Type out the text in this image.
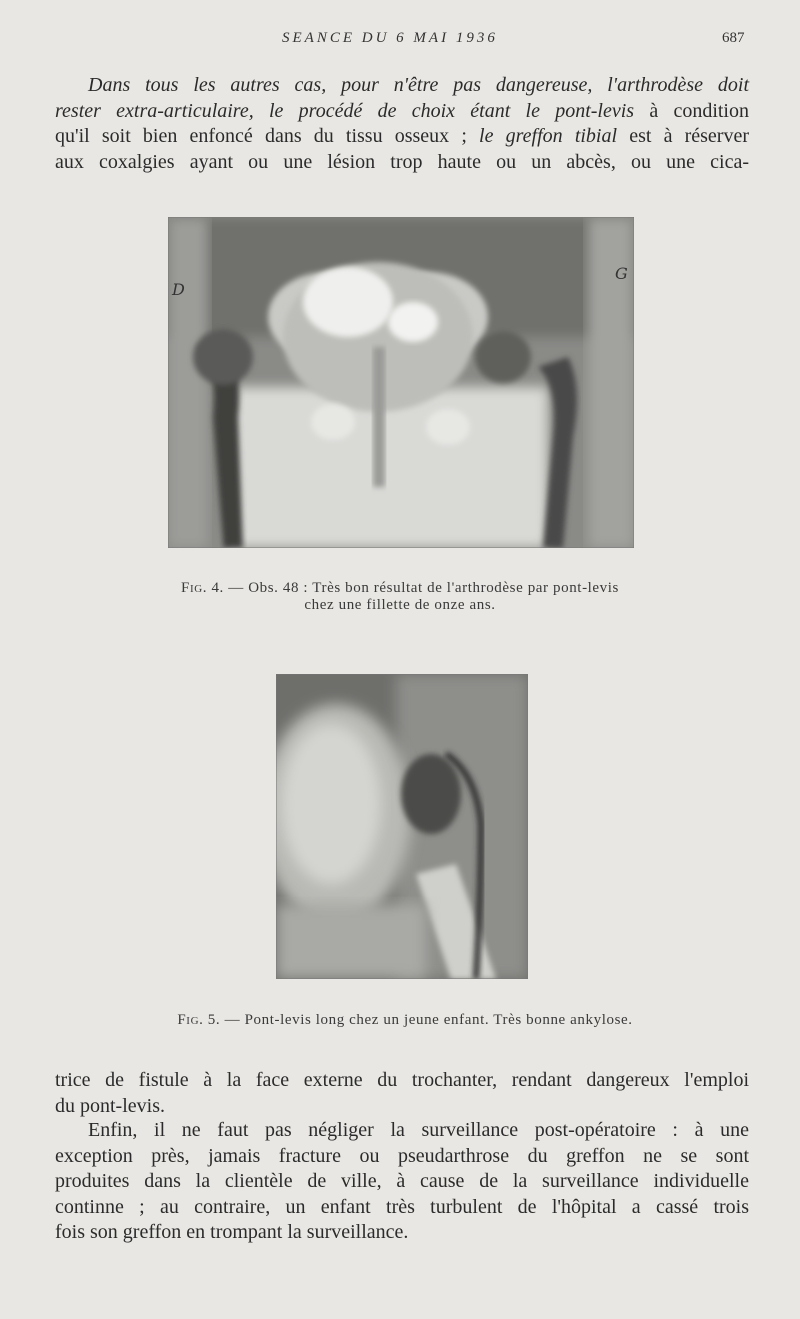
SEANCE DU 6 MAI 1936	687
Dans tous les autres cas, pour n'être pas dangereuse, l'arthrodèse doit
rester extra-articulaire, le procédé de choix étant le pont-levis à condition
qu'il soit bien enfoncé dans du tissu osseux ; le greffon tibial est à réserver
aux coxalgies ayant ou une lésion trop haute ou un abcès, ou une cica-
D
G
Fig. 4. — Obs. 48 : Très bon résultat de l'arthrodèse par pont-levis
chez une fillette de onze ans.
Fig. 5. — Pont-levis long chez un jeune enfant. Très bonne ankylose.
trice de fistule à la face externe du trochanter, rendant dangereux l'emploi
du pont-levis.
Enfin, il ne faut pas négliger la surveillance post-opératoire : à une
exception près, jamais fracture ou pseudarthrose du greffon ne se sont
produites dans la clientèle de ville, à cause de la surveillance individuelle
continne ; au contraire, un enfant très turbulent de l'hôpital a cassé trois
fois son greffon en trompant la surveillance.
